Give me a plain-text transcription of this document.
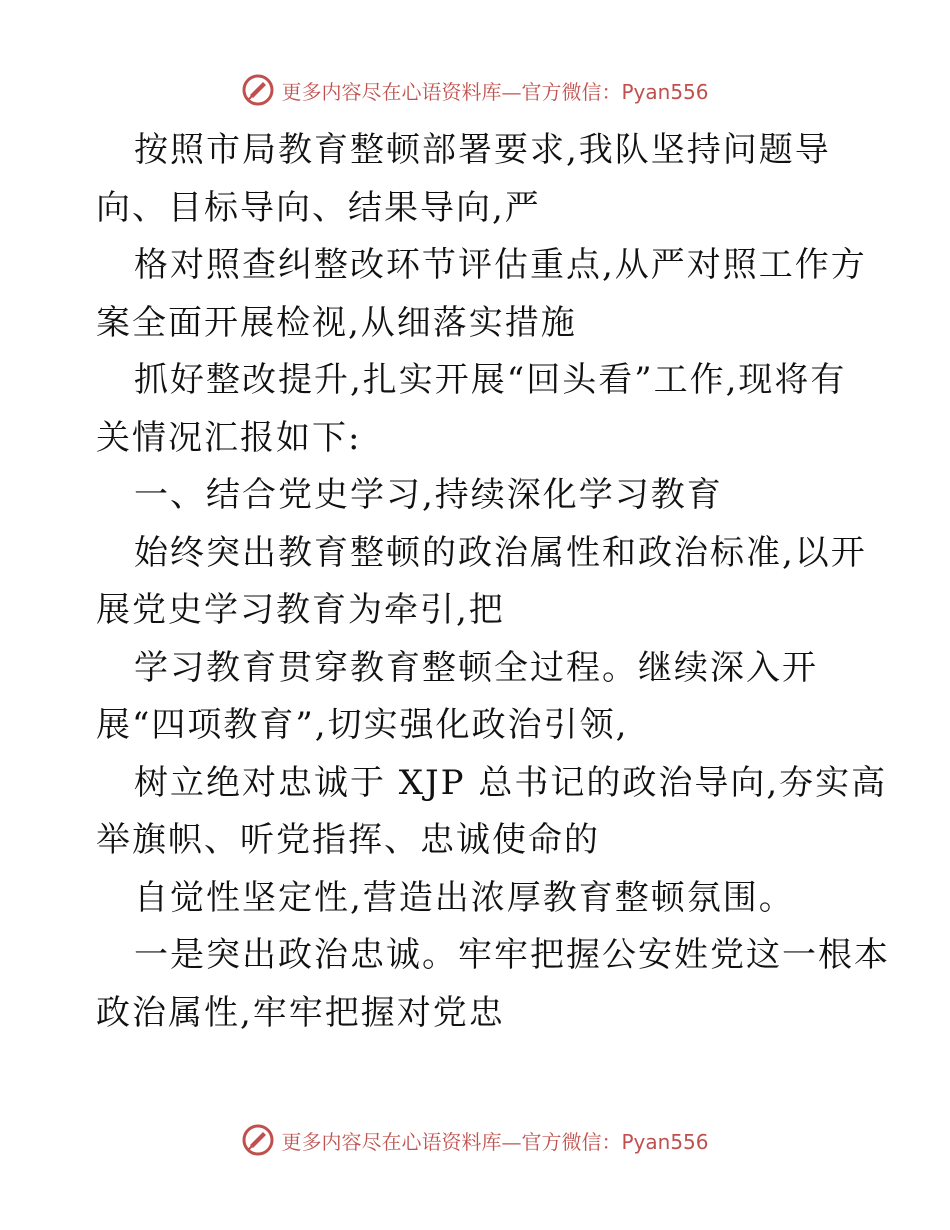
更多内容尽在心语资料库—官方微信：Pyan556
按照市局教育整顿部署要求,我队坚持问题导
向、目标导向、结果导向,严
格对照查纠整改环节评估重点,从严对照工作方
案全面开展检视,从细落实措施
抓好整改提升,扎实开展“回头看”工作,现将有
关情况汇报如下:
一、结合党史学习,持续深化学习教育
始终突出教育整顿的政治属性和政治标准,以开
展党史学习教育为牵引,把
学习教育贯穿教育整顿全过程。继续深入开
展“四项教育”,切实强化政治引领,
树立绝对忠诚于 XJP 总书记的政治导向,夯实高
举旗帜、听党指挥、忠诚使命的
自觉性坚定性,营造出浓厚教育整顿氛围。
一是突出政治忠诚。牢牢把握公安姓党这一根本
政治属性,牢牢把握对党忠
更多内容尽在心语资料库—官方微信：Pyan556
